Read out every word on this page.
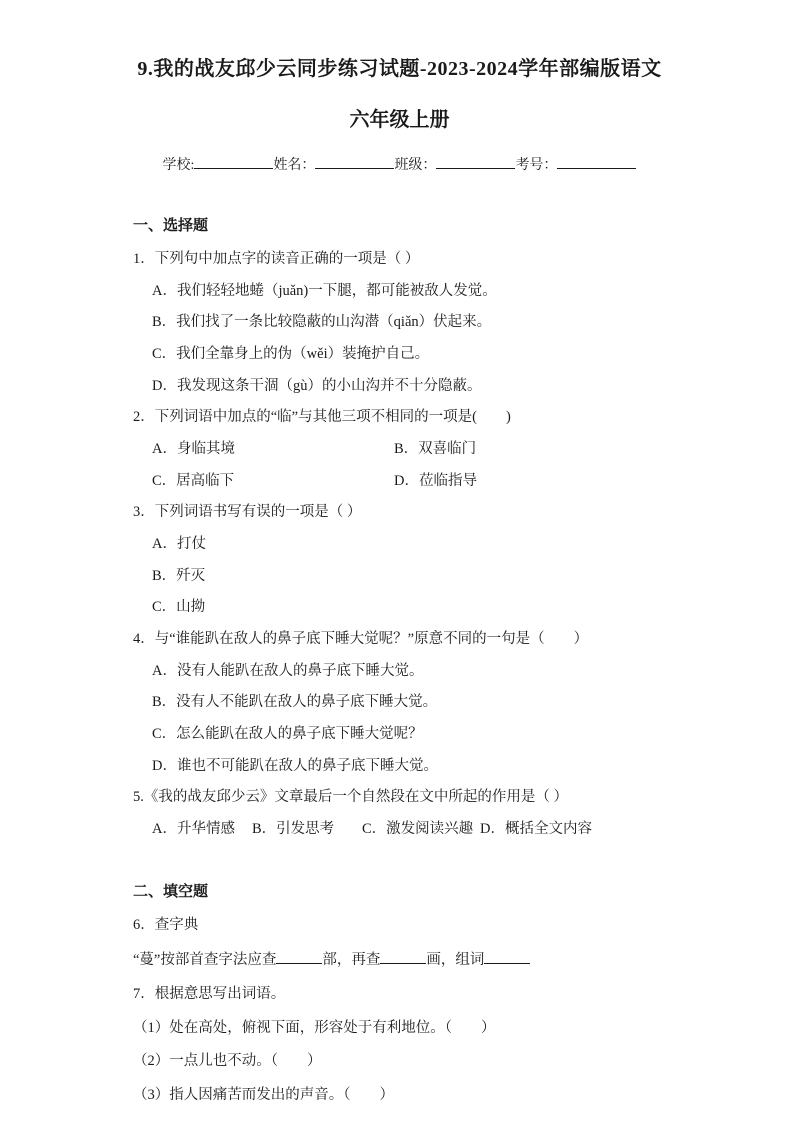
9.我的战友邱少云同步练习试题-2023-2024学年部编版语文
六年级上册

学校:	姓名：	班级：	考号：

一、选择题

1．下列句中加点字的读音正确的一项是（ ）

A．我们轻轻地蜷（juǎn)一下腿，都可能被敌人发觉。

B．我们找了一条比较隐蔽的山沟潜（qiǎn）伏起来。

C．我们全靠身上的伪（wěi）装掩护自己。

D．我发现这条干涸（gù）的小山沟并不十分隐蔽。

2．下列词语中加点的“临”与其他三项不相同的一项是(　　)

A．身临其境	B．双喜临门
C．居高临下	D．莅临指导

3．下列词语书写有误的一项是（ ）

A．打仗

B．歼灭

C．山拗

4．与“谁能趴在敌人的鼻子底下睡大觉呢？”原意不同的一句是（　　）

A．没有人能趴在敌人的鼻子底下睡大觉。

B．没有人不能趴在敌人的鼻子底下睡大觉。

C．怎么能趴在敌人的鼻子底下睡大觉呢？

D．谁也不可能趴在敌人的鼻子底下睡大觉。

5.《我的战友邱少云》文章最后一个自然段在文中所起的作用是（ ）

A．升华情感	B．引发思考	C．激发阅读兴趣 D．概括全文内容
二、填空题

6．查字典

“蔓”按部首查字法应查	部，再查	画，组词

7．根据意思写出词语。

（1）处在高处，俯视下面，形容处于有利地位。（　　）

（2）一点儿也不动。（　　）

（3）指人因痛苦而发出的声音。（　　）
